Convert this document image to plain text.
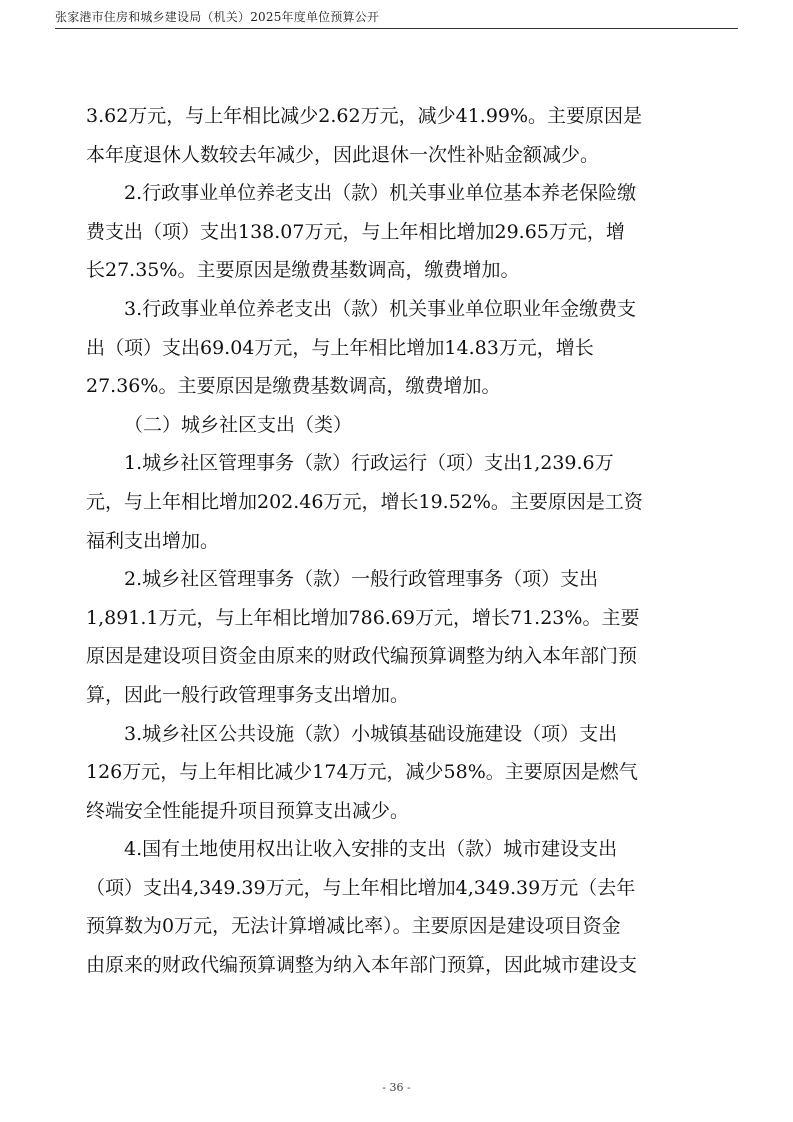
张家港市住房和城乡建设局（机关）2025年度单位预算公开
3.62万元，与上年相比减少2.62万元，减少41.99%。主要原因是
本年度退休人数较去年减少，因此退休一次性补贴金额减少。
2.行政事业单位养老支出（款）机关事业单位基本养老保险缴
费支出（项）支出138.07万元，与上年相比增加29.65万元，增
长27.35%。主要原因是缴费基数调高，缴费增加。
3.行政事业单位养老支出（款）机关事业单位职业年金缴费支
出（项）支出69.04万元，与上年相比增加14.83万元，增长
27.36%。主要原因是缴费基数调高，缴费增加。
（二）城乡社区支出（类）
1.城乡社区管理事务（款）行政运行（项）支出1,239.6万
元，与上年相比增加202.46万元，增长19.52%。主要原因是工资
福利支出增加。
2.城乡社区管理事务（款）一般行政管理事务（项）支出
1,891.1万元，与上年相比增加786.69万元，增长71.23%。主要
原因是建设项目资金由原来的财政代编预算调整为纳入本年部门预
算，因此一般行政管理事务支出增加。
3.城乡社区公共设施（款）小城镇基础设施建设（项）支出
126万元，与上年相比减少174万元，减少58%。主要原因是燃气
终端安全性能提升项目预算支出减少。
4.国有土地使用权出让收入安排的支出（款）城市建设支出
（项）支出4,349.39万元，与上年相比增加4,349.39万元（去年
预算数为0万元，无法计算增减比率）。主要原因是建设项目资金
由原来的财政代编预算调整为纳入本年部门预算，因此城市建设支
- 36 -
